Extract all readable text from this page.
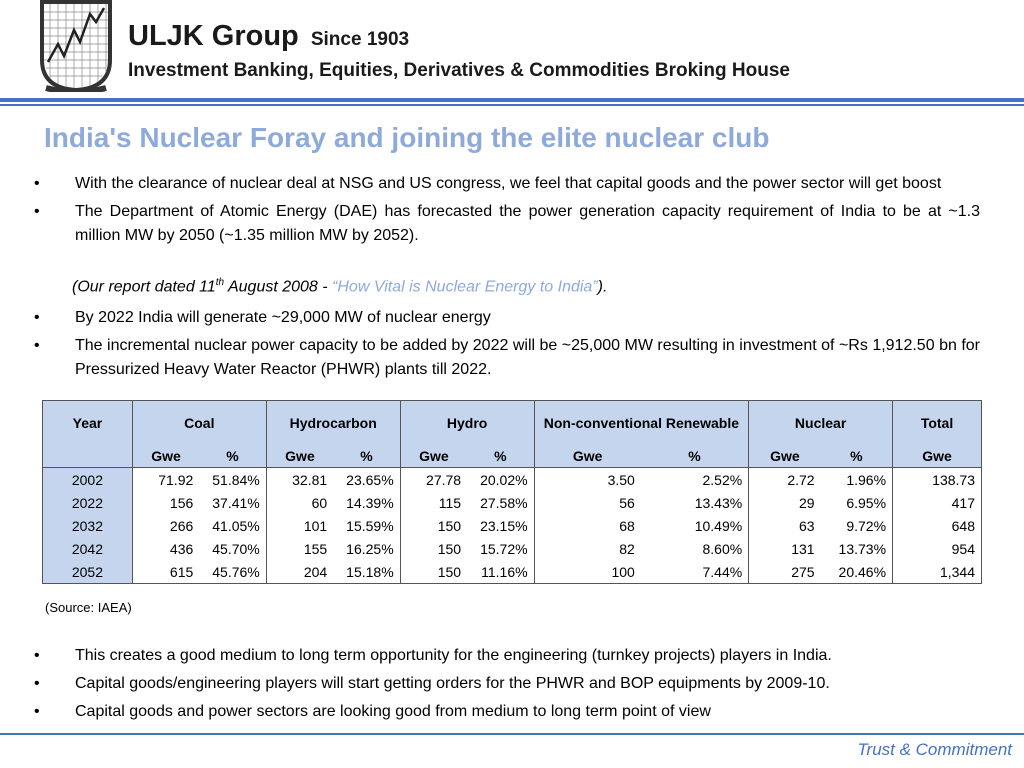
ULJK Group Since 1903
Investment Banking, Equities, Derivatives & Commodities Broking House
India's Nuclear Foray and joining the elite nuclear club
• With the clearance of nuclear deal at NSG and US congress, we feel that capital goods and the power sector will get boost
• The Department of Atomic Energy (DAE) has forecasted the power generation capacity requirement of India to be at ~1.3 million MW by 2050 (~1.35 million MW by 2052).
(Our report dated 11th August 2008 - “How Vital is Nuclear Energy to India”).
• By 2022 India will generate ~29,000 MW of nuclear energy
• The incremental nuclear power capacity to be added by 2022 will be ~25,000 MW resulting in investment of ~Rs 1,912.50 bn for Pressurized Heavy Water Reactor (PHWR) plants till 2022.
Year	Coal		Hydrocarbon		Hydro		Non-conventional Renewable		Nuclear		Total
	Gwe	%	Gwe	%	Gwe	%	Gwe	%	Gwe	%	Gwe
2002	71.92	51.84%	32.81	23.65%	27.78	20.02%	3.50	2.52%	2.72	1.96%	138.73
2022	156	37.41%	60	14.39%	115	27.58%	56	13.43%	29	6.95%	417
2032	266	41.05%	101	15.59%	150	23.15%	68	10.49%	63	9.72%	648
2042	436	45.70%	155	16.25%	150	15.72%	82	8.60%	131	13.73%	954
2052	615	45.76%	204	15.18%	150	11.16%	100	7.44%	275	20.46%	1,344
(Source: IAEA)
• This creates a good medium to long term opportunity for the engineering (turnkey projects) players in India.
• Capital goods/engineering players will start getting orders for the PHWR and BOP equipments by 2009-10.
• Capital goods and power sectors are looking good from medium to long term point of view
Trust & Commitment
